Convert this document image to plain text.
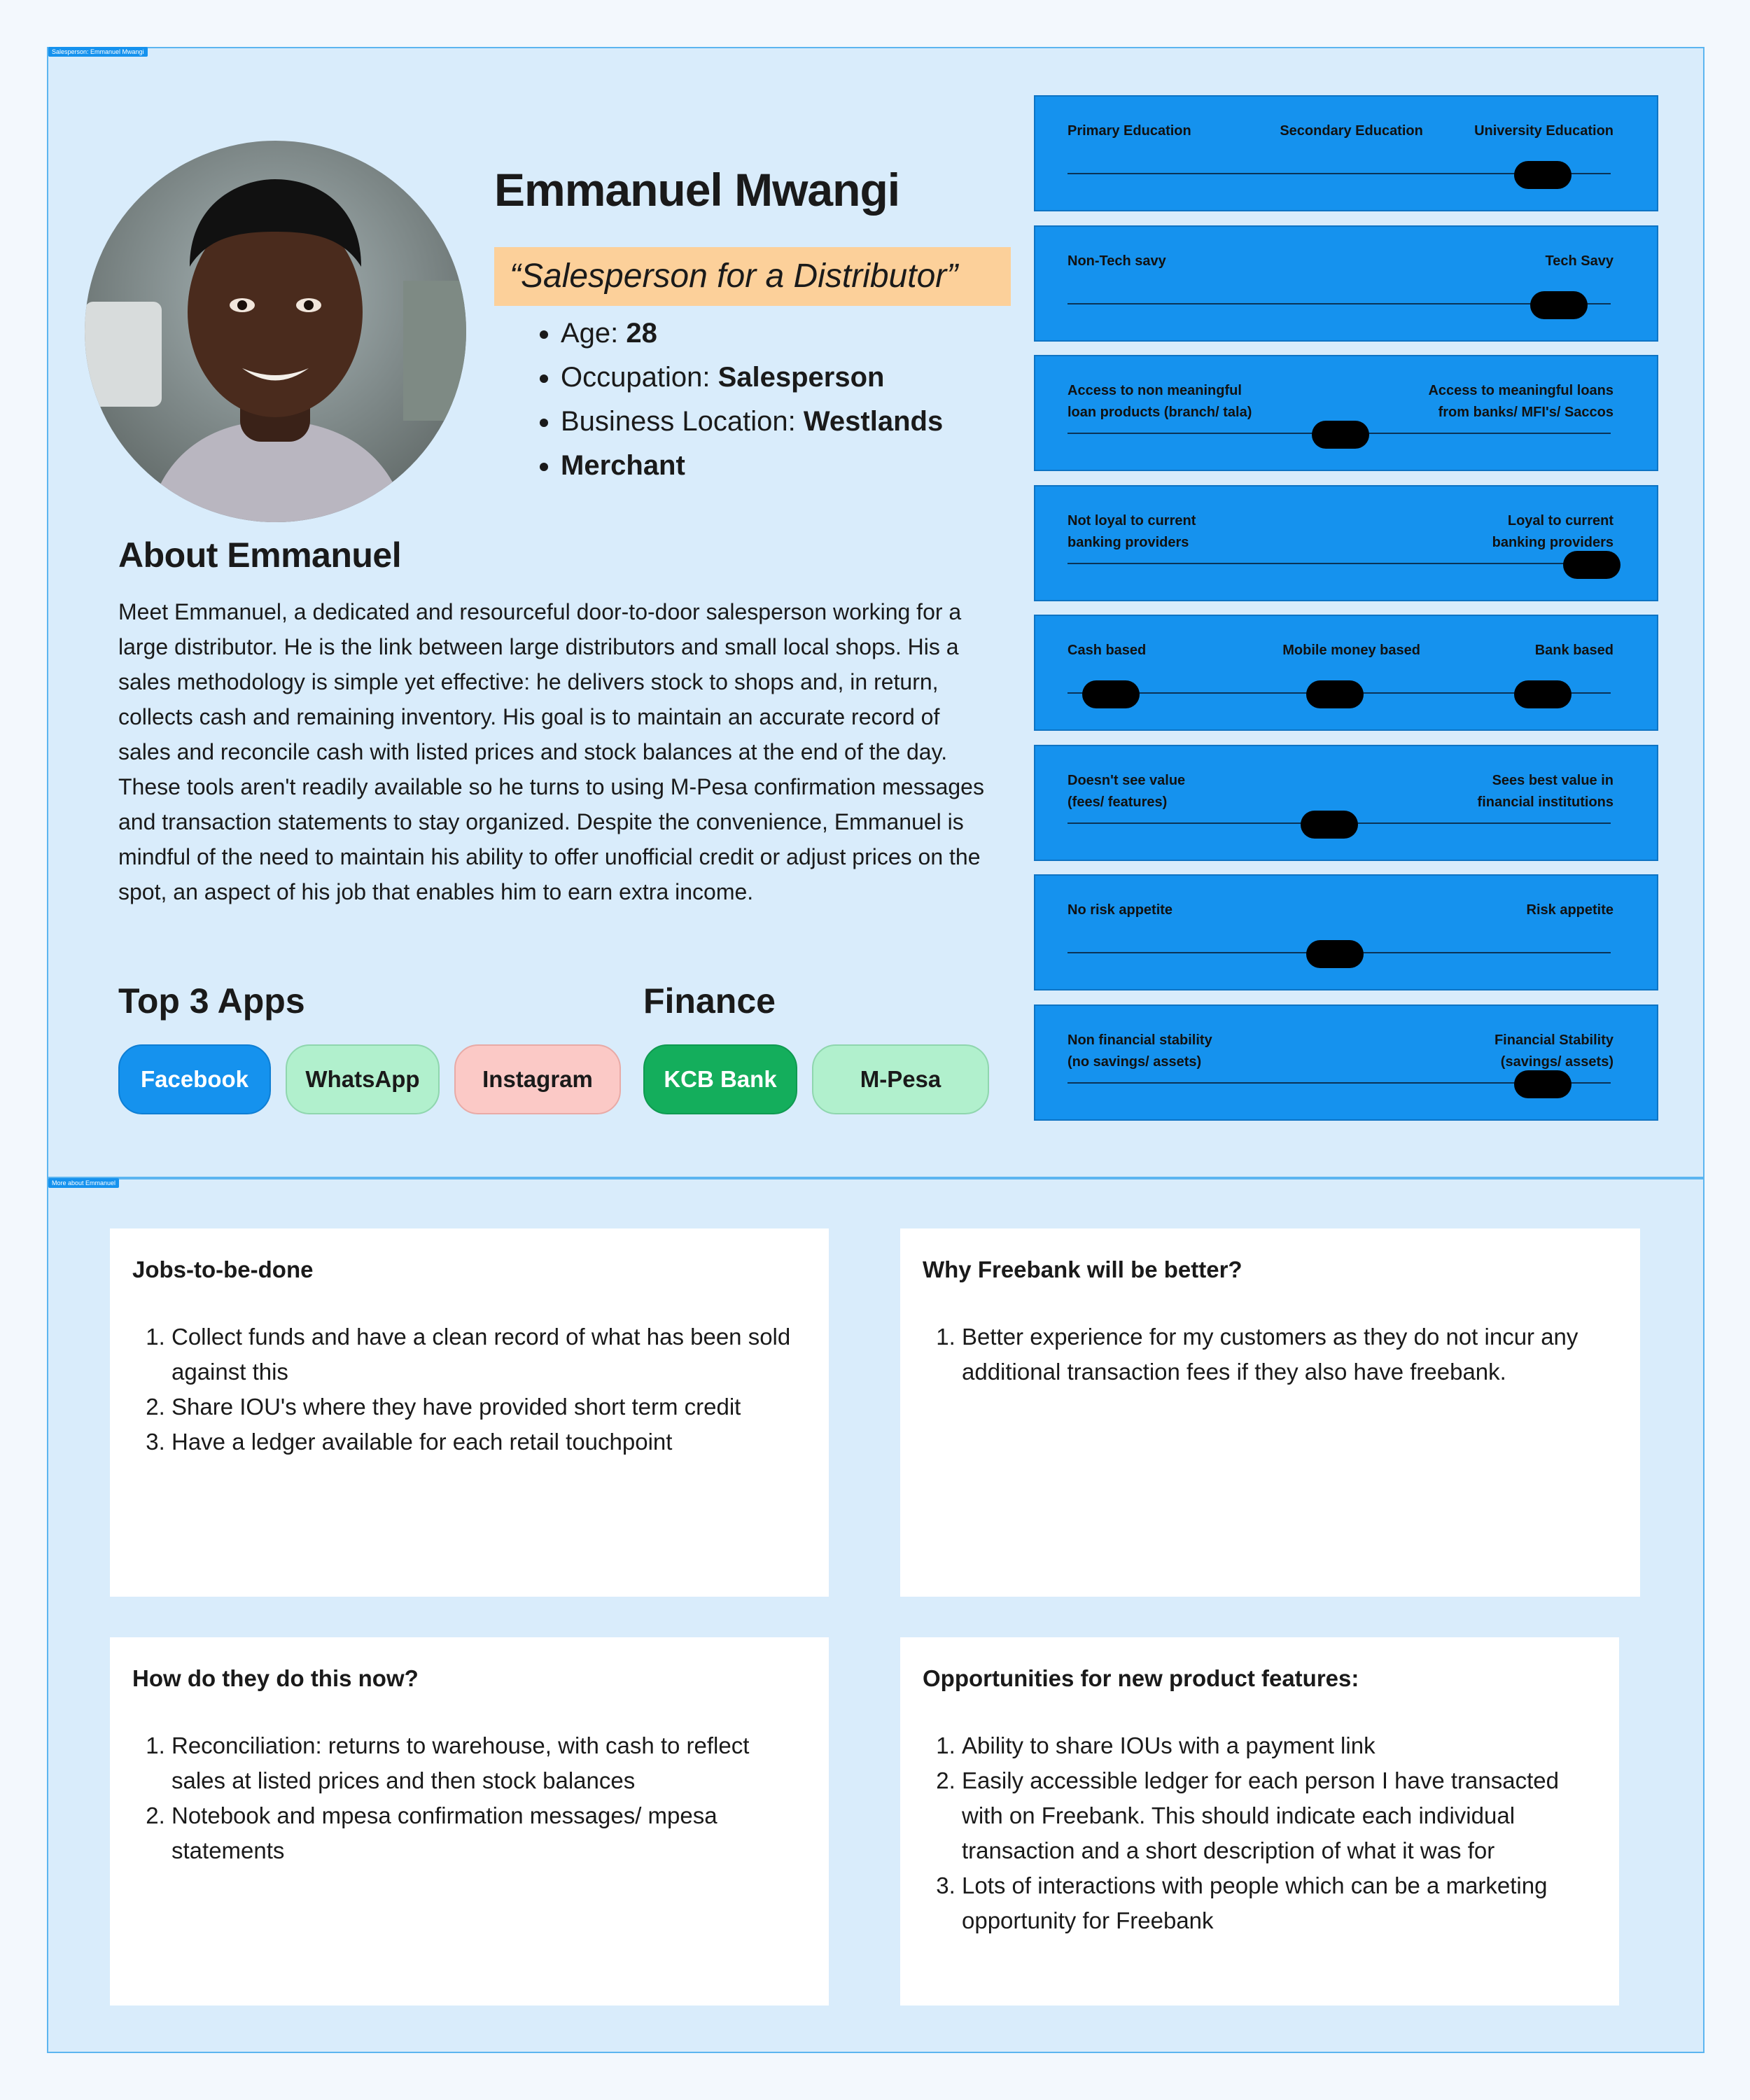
Salesperson: Emmanuel Mwangi
Emmanuel Mwangi
“Salesperson for a Distributor”
• Age: 28
• Occupation: Salesperson
• Business Location: Westlands
• Merchant
About Emmanuel

Meet Emmanuel, a dedicated and resourceful door-to-door salesperson working for a large distributor. He is the link between large distributors and small local shops. His a sales methodology is simple yet effective: he delivers stock to shops and, in return, collects cash and remaining inventory. His goal is to maintain an accurate record of sales and reconcile cash with listed prices and stock balances at the end of the day. These tools aren't readily available so he turns to using M-Pesa confirmation messages and transaction statements to stay organized. Despite the convenience, Emmanuel is mindful of the need to maintain his ability to offer unofficial credit or adjust prices on the spot, an aspect of his job that enables him to earn extra income.

Top 3 Apps
Facebook	WhatsApp	Instagram
Finance
KCB Bank	M-Pesa
Primary Education	Secondary Education	University Education
Non-Tech savy	Tech Savy
Access to non meaningful
loan products (branch/ tala)
Access to meaningful loans
from banks/ MFI's/ Saccos
Not loyal to current
banking providers
Loyal to current
banking providers
Cash based	Mobile money based	Bank based
Doesn't see value
(fees/ features)
Sees best value in
financial institutions
No risk appetite	Risk appetite
Non financial stability
(no savings/ assets)
Financial Stability
(savings/ assets)
More about Emmanuel
Jobs-to-be-done
1. Collect funds and have a clean record of what has been sold against this
2. Share IOU's where they have provided short term credit
3. Have a ledger available for each retail touchpoint
Why Freebank will be better?
1. Better experience for my customers as they do not incur any additional transaction fees if they also have freebank.
How do they do this now?
1. Reconciliation: returns to warehouse, with cash to reflect sales at listed prices and then stock balances
2. Notebook and mpesa confirmation messages/ mpesa statements
Opportunities for new product features:
1. Ability to share IOUs with a payment link
2. Easily accessible ledger for each person I have transacted with on Freebank. This should indicate each individual transaction and a short description of what it was for
3. Lots of interactions with people which can be a marketing opportunity for Freebank
